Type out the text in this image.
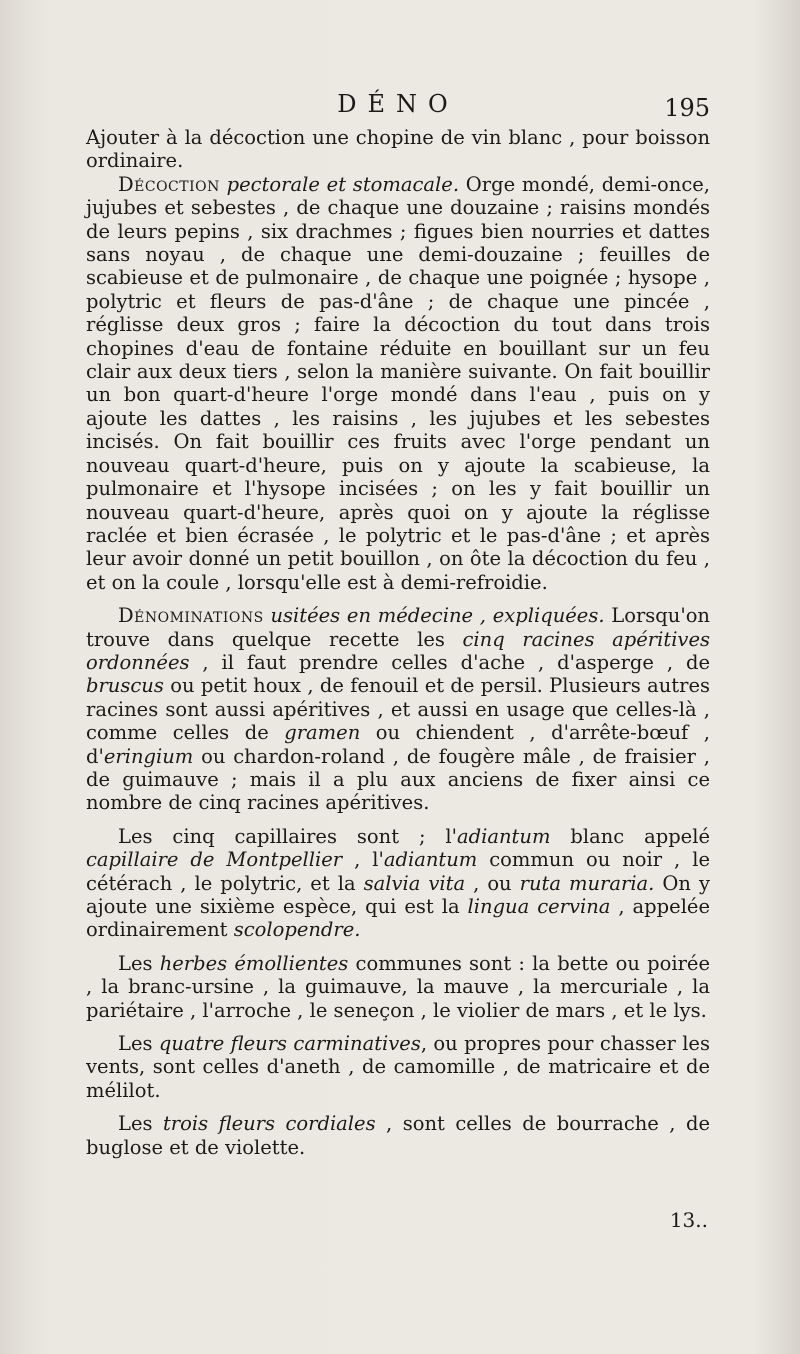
DÉNO	195

Ajouter à la décoction une chopine de vin blanc , pour boisson ordinaire.

Décoction pectorale et stomacale. Orge mondé, demi-once, jujubes et sebestes , de chaque une douzaine ; raisins mondés de leurs pepins , six drachmes ; figues bien nourries et dattes sans noyau , de chaque une demi-douzaine ; feuilles de scabieuse et de pulmonaire , de chaque une poignée ; hysope , polytric et fleurs de pas-d'âne ; de chaque une pincée , réglisse deux gros ; faire la décoction du tout dans trois chopines d'eau de fontaine réduite en bouillant sur un feu clair aux deux tiers , selon la manière suivante. On fait bouillir un bon quart-d'heure l'orge mondé dans l'eau , puis on y ajoute les dattes , les raisins , les jujubes et les sebestes incisés. On fait bouillir ces fruits avec l'orge pendant un nouveau quart-d'heure, puis on y ajoute la scabieuse, la pulmonaire et l'hysope incisées ; on les y fait bouillir un nouveau quart-d'heure, après quoi on y ajoute la réglisse raclée et bien écrasée , le polytric et le pas-d'âne ; et après leur avoir donné un petit bouillon , on ôte la décoction du feu , et on la coule , lorsqu'elle est à demi-refroidie.

Dénominations usitées en médecine , expliquées. Lorsqu'on trouve dans quelque recette les cinq racines apéritives ordonnées , il faut prendre celles d'ache , d'asperge , de bruscus ou petit houx , de fenouil et de persil. Plusieurs autres racines sont aussi apéritives , et aussi en usage que celles-là , comme celles de gramen ou chiendent , d'arrête-bœuf , d'eringium ou chardon-roland , de fougère mâle , de fraisier , de guimauve ; mais il a plu aux anciens de fixer ainsi ce nombre de cinq racines apéritives.

Les cinq capillaires sont ; l'adiantum blanc appelé capillaire de Montpellier , l'adiantum commun ou noir , le cétérach , le polytric, et la salvia vita , ou ruta muraria. On y ajoute une sixième espèce, qui est la lingua cervina , appelée ordinairement scolopendre.

Les herbes émollientes communes sont : la bette ou poirée , la branc-ursine , la guimauve, la mauve , la mercuriale , la pariétaire , l'arroche , le seneçon , le violier de mars , et le lys.

Les quatre fleurs carminatives, ou propres pour chasser les vents, sont celles d'aneth , de camomille , de matricaire et de mélilot.

Les trois fleurs cordiales , sont celles de bourrache , de buglose et de violette.

13..
